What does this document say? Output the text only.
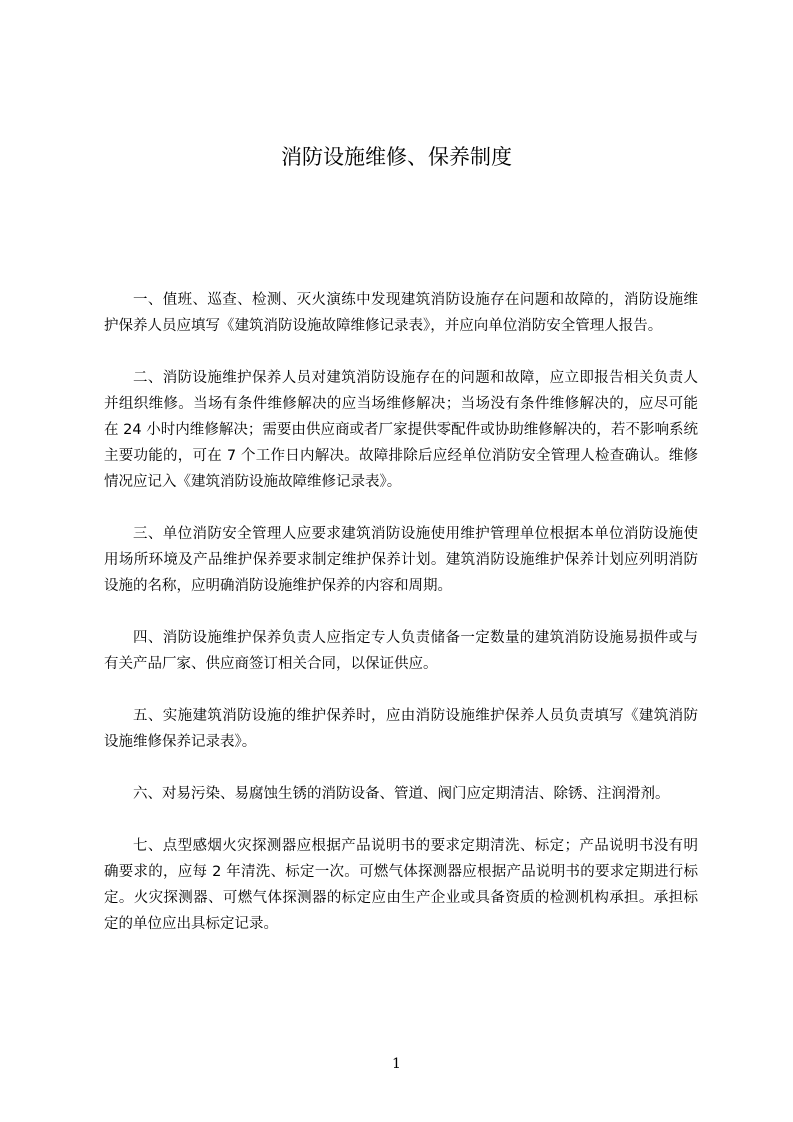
消防设施维修、保养制度

一、值班、巡查、检测、灭火演练中发现建筑消防设施存在问题和故障的，消防设施维护保养人员应填写《建筑消防设施故障维修记录表》，并应向单位消防安全管理人报告。

二、消防设施维护保养人员对建筑消防设施存在的问题和故障，应立即报告相关负责人并组织维修。当场有条件维修解决的应当场维修解决；当场没有条件维修解决的，应尽可能在 24 小时内维修解决；需要由供应商或者厂家提供零配件或协助维修解决的，若不影响系统主要功能的，可在 7 个工作日内解决。故障排除后应经单位消防安全管理人检查确认。维修情况应记入《建筑消防设施故障维修记录表》。

三、单位消防安全管理人应要求建筑消防设施使用维护管理单位根据本单位消防设施使用场所环境及产品维护保养要求制定维护保养计划。建筑消防设施维护保养计划应列明消防设施的名称，应明确消防设施维护保养的内容和周期。

四、消防设施维护保养负责人应指定专人负责储备一定数量的建筑消防设施易损件或与有关产品厂家、供应商签订相关合同，以保证供应。

五、实施建筑消防设施的维护保养时，应由消防设施维护保养人员负责填写《建筑消防设施维修保养记录表》。

六、对易污染、易腐蚀生锈的消防设备、管道、阀门应定期清洁、除锈、注润滑剂。

七、点型感烟火灾探测器应根据产品说明书的要求定期清洗、标定；产品说明书没有明确要求的，应每 2 年清洗、标定一次。可燃气体探测器应根据产品说明书的要求定期进行标定。火灾探测器、可燃气体探测器的标定应由生产企业或具备资质的检测机构承担。承担标定的单位应出具标定记录。

1
